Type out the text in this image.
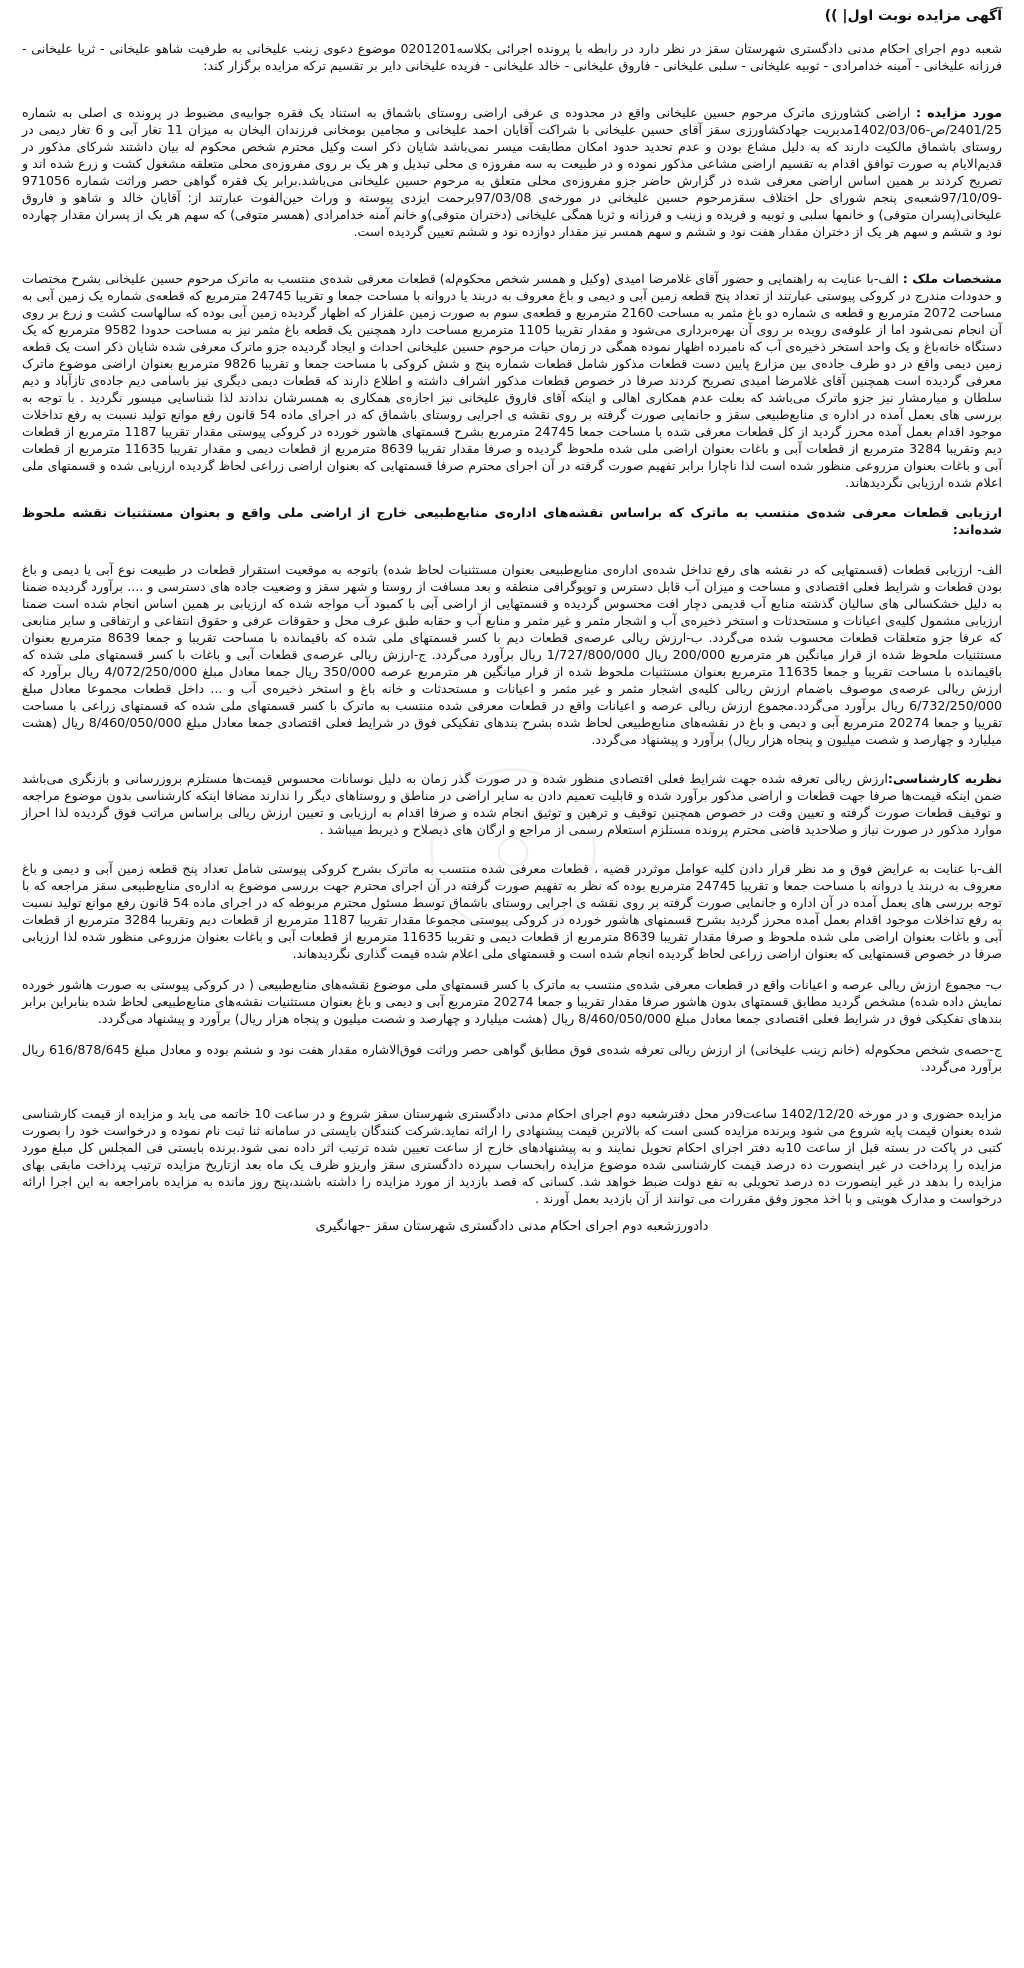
آگهی مزایده نوبت اول| ))

شعبه دوم اجرای احکام مدنی دادگستری شهرستان سقز در نظر دارد در رابطه با پرونده اجرائی بکلاسه0201201 موضوع دعوی زینب علیخانی به طرفیت شاهو علیخانی - ثریا علیخانی - فرزانه علیخانی - آمینه خدامرادی - ثوبیه علیخانی - سلبی علیخانی - فاروق علیخانی - خالد علیخانی - فریده علیخانی دایر بر تقسیم ترکه مزایده برگزار کند:

مورد مزایده : اراضی کشاورزی ماترک مرحوم حسین علیخانی واقع در محدوده ی عرفی اراضی روستای باشماق به استناد یک فقره جوابیه‌ی مضبوط در پرونده ی اصلی به شماره 2401/25/ص-1402/03/06مدیریت جهادکشاورزی سقز آقای حسین علیخانی با شراکت آقایان احمد علیخانی و مجامین بومخانی فرزندان الیخان به میزان 11 تغار آبی و 6 تغار دیمی در روستای باشماق مالکیت دارند که به دلیل مشاع بودن و عدم تحدید حدود امکان مطابقت میسر نمی‌باشد شایان ذکر است وکیل محترم شخص محکوم له بیان داشتند شرکای مذکور در قدیم‌الایام به صورت توافق اقدام به تقسیم اراضی مشاعی مذکور نموده و در طبیعت به سه مفروزه ی محلی تبدیل و هر یک بر روی مفروزه‌ی محلی متعلقه مشغول کشت و زرع شده اند و تصریح کردند بر همین اساس اراضی معرفی شده در گزارش حاضر جزو مفروزه‌ی محلی متعلق به مرحوم حسین علیخانی می‌باشد.برابر یک فقره گواهی حصر وراثت شماره 971056 -97/10/09شعبه‌ی پنجم شورای حل اختلاف سقزمرحوم حسین علیخانی در مورخه‌ی 97/03/08برحمت ایزدی پیوسته و وراث حین‌الفوت عبارتند از: آقایان خالد و شاهو و فاروق علیخانی(پسران متوفی) و خانمها سلبی و ثوبیه و فریده و زینب و فرزانه و ثریا همگی علیخانی (دختران متوفی)و خانم آمنه خدامرادی (همسر متوفی) که سهم هر یک از پسران مقدار چهارده نود و ششم و سهم هر یک از دختران مقدار هفت نود و ششم و سهم همسر نیز مقدار دوازده نود و ششم تعیین گردیده است.

مشخصات ملک : الف-با عنایت به راهنمایی و حضور آقای غلامرضا امیدی (وکیل و همسر شخص محکوم‌له) قطعات معرفی شده‌ی منتسب به ماترک مرحوم حسین علیخانی بشرح مختصات و حدودات مندرج در کروکی پیوستی عبارتند از تعداد پنج قطعه زمین آبی و دیمی و باغ معروف به دربند یا دروانه با مساحت جمعا و تقریبا 24745 مترمربع که قطعه‌ی شماره یک زمین آبی به مساحت 2072 مترمربع و قطعه ی شماره دو باغ مثمر به مساحت 2160 مترمربع و قطعه‌ی سوم به صورت زمین علفزار که اظهار گردیده زمین آبی بوده که سالهاست کشت و زرع بر روی آن انجام نمی‌شود اما از علوفه‌ی رویده بر روی آن بهره‌برداری می‌شود و مقدار تقریبا 1105 مترمربع مساحت دارد همچنین یک قطعه باغ مثمر نیز به مساحت حدودا 9582 مترمربع که یک دستگاه خانه‌باغ و یک واحد استخر ذخیره‌ی آب که نامبرده اظهار نموده همگی در زمان حیات مرحوم حسین علیخانی احداث و ایجاد گردیده جزو ماترک معرفی شده شایان ذکر است یک قطعه زمین دیمی واقع در دو طرف جاده‌ی بین مزارع پایین دست قطعات مذکور شامل قطعات شماره پنج و شش کروکی با مساحت جمعا و تقریبا 9826 مترمربع بعنوان اراضی موضوع ماترک معرفی گردیده است همچنین آقای غلامرضا امیدی تصریح کردند صرفا در خصوص قطعات مذکور اشراف داشته و اطلاع دارند که قطعات دیمی دیگری نیز باسامی دیم جاده‌ی تازآباد و دیم سلطان و میارمشار نیز جزو ماترک می‌باشد که بعلت عدم همکاری اهالی و اینکه آقای فاروق علیخانی نیز اجازه‌ی همکاری به همسرشان ندادند لذا شناسایی میسور نگردید . با توجه به بررسی های بعمل آمده در اداره ی منابع‌طبیعی سقز و جانمایی صورت گرفته بر روی نقشه ی اجرایی روستای باشماق که در اجرای ماده 54 قانون رفع موانع تولید نسبت به رفع تداخلات موجود اقدام بعمل آمده محرز گردید از کل قطعات معرفی شده با مساحت جمعا 24745 مترمربع بشرح قسمتهای هاشور خورده در کروکی پیوستی مقدار تقریبا 1187 مترمربع از قطعات دیم وتقریبا 3284 مترمربع از قطعات آبی و باغات بعنوان اراضی ملی شده ملحوظ گردیده و صرفا مقدار تقریبا 8639 مترمربع از قطعات دیمی و مقدار تقریبا 11635 مترمربع از قطعات آبی و باغات بعنوان مزروعی منظور شده است لذا ناچارا برابر تفهیم صورت گرفته در آن اجرای محترم صرفا قسمتهایی که بعنوان اراضی زراعی لحاظ گردیده ارزیابی شده و قسمتهای ملی اعلام شده ارزیابی نگردیدهاند.

ارزیابی قطعات معرفی شده‌ی منتسب به ماترک که براساس نقشه‌های اداره‌ی منابع‌طبیعی خارج از اراضی ملی واقع و بعنوان مستثنیات نقشه ملحوظ شده‌اند:

الف- ارزیابی قطعات (قسمتهایی که در نقشه های رفع تداخل شده‌ی اداره‌ی منابع‌طبیعی بعنوان مستثنیات لحاظ شده) باتوجه به موقعیت استقرار قطعات در طبیعت نوع آبی یا دیمی و باغ بودن قطعات و شرایط فعلی اقتصادی و مساحت و میزان آب قابل دسترس و توپوگرافی منطقه و بعد مسافت از روستا و شهر سقز و وضعیت جاده های دسترسی و .... برآورد گردیده ضمنا به دلیل خشکسالی های سالیان گذشته منابع آب قدیمی دچار افت محسوس گردیده و قسمتهایی از اراضی آبی با کمبود آب مواجه شده که ارزیابی بر همین اساس انجام شده است ضمنا ارزیابی مشمول کلیه‌ی اعیانات و مستحدثات و استخر ذخیره‌ی آب و اشجار مثمر و غیر مثمر و منابع آب و حقابه طبق عرف محل و حقوقات عرفی و حقوق انتفاعی و ارتفاقی و سایر منابعی که عرفا جزو متعلقات قطعات محسوب شده می‌گردد. ب-ارزش ریالی عرصه‌ی قطعات دیم با کسر قسمتهای ملی شده که باقیمانده با مساحت تقریبا و جمعا 8639 مترمربع بعنوان مستثنیات ملحوظ شده از قرار میانگین هر مترمربع 200/000 ریال 1/727/800/000 ریال برآورد می‌گردد. ج-ارزش ریالی عرصه‌ی قطعات آبی و باغات با کسر قسمتهای ملی شده که باقیمانده با مساحت تقریبا و جمعا 11635 مترمربع بعنوان مستثنیات ملحوظ شده از قرار میانگین هر مترمربع عرصه 350/000 ریال جمعا معادل مبلغ 4/072/250/000 ریال برآورد که ارزش ریالی عرصه‌ی موصوف باضمام ارزش ریالی کلیه‌ی اشجار مثمر و غیر مثمر و اعیانات و مستحدثات و خانه باغ و استخر ذخیره‌ی آب و ... داخل قطعات مجموعا معادل مبلغ 6/732/250/000 ریال برآورد می‌گردد.مجموع ارزش ریالی عرصه و اعیانات واقع در قطعات معرفی شده منتسب به ماترک با کسر قسمتهای ملی شده که قسمتهای زراعی با مساحت تقریبا و جمعا 20274 مترمربع آبی و دیمی و باغ در نقشه‌های منابع‌طبیعی لحاظ شده بشرح بندهای تفکیکی فوق در شرایط فعلی اقتصادی جمعا معادل مبلغ 8/460/050/000 ریال (هشت میلیارد و چهارصد و شصت میلیون و پنجاه هزار ریال) برآورد و پیشنهاد می‌گردد.

نظریه کارشناسی:ارزش ریالی تعرفه شده جهت شرایط فعلی اقتصادی منظور شده و در صورت گذر زمان به دلیل نوسانات محسوس قیمت‌ها مستلزم بروزرسانی و بازنگری می‌باشد ضمن اینکه قیمت‌ها صرفا جهت قطعات و اراضی مذکور برآورد شده و قابلیت تعمیم دادن به سایر اراضی در مناطق و روستاهای دیگر را ندارند مضافا اینکه کارشناسی بدون موضوع مراجعه و توقیف قطعات صورت گرفته و تعیین وقت در خصوص همچنین توقیف و ترهین و توثیق انجام شده و صرفا اقدام به ارزیابی و تعیین ارزش ریالی براساس مراتب فوق گردیده لذا احراز موارد مذکور در صورت نیاز و صلاحدید قاضی محترم پرونده مستلزم استعلام رسمی از مراجع و ارگان های ذیصلاح و ذیربط میباشد .

الف-با عنایت به عرایض فوق و مد نظر قرار دادن کلیه عوامل موثردر قضیه ، قطعات معرفی شده منتسب به ماترک بشرح کروکی پیوستی شامل تعداد پنج قطعه زمین آبی و دیمی و باغ معروف به دربند یا دروانه با مساحت جمعا و تقریبا 24745 مترمربع بوده که نظر به تفهیم صورت گرفته در آن اجرای محترم جهت بررسی موضوع به اداره‌ی منابع‌طبیعی سقز مراجعه که با توجه بررسی های بعمل آمده در آن اداره و جانمایی صورت گرفته بر روی نقشه ی اجرایی روستای باشماق توسط مسئول محترم مربوطه که در اجرای ماده 54 قانون رفع موانع تولید نسبت به رفع تداخلات موجود اقدام بعمل آمده محرز گردید بشرح قسمتهای هاشور خورده در کروکی پیوستی مجموعا مقدار تقریبا 1187 مترمربع از قطعات دیم وتقریبا 3284 مترمربع از قطعات آبی و باغات بعنوان اراضی ملی شده ملحوظ و صرفا مقدار تقریبا 8639 مترمربع از قطعات دیمی و تقریبا 11635 مترمربع از قطعات آبی و باغات بعنوان مزروعی منظور شده لذا ارزیابی صرفا در خصوص قسمتهایی که بعنوان اراضی زراعی لحاظ گردیده انجام شده است و قسمتهای ملی اعلام شده قیمت گذاری نگردیدهاند.

ب- مجموع ارزش ریالی عرصه و اعیانات واقع در قطعات معرفی شده‌ی منتسب به ماترک با کسر قسمتهای ملی موضوع نقشه‌های منابع‌طبیعی ( در کروکی پیوستی به صورت هاشور خورده نمایش داده شده) مشخص گردید مطابق قسمتهای بدون هاشور صرفا مقدار تقریبا و جمعا 20274 مترمربع آبی و دیمی و باغ بعنوان مستثنیات نقشه‌های منابع‌طبیعی لحاظ شده بنابراین برابر بندهای تفکیکی فوق در شرایط فعلی اقتصادی جمعا معادل مبلغ 8/460/050/000 ریال (هشت میلیارد و چهارصد و شصت میلیون و پنجاه هزار ریال) برآورد و پیشنهاد می‌گردد.

ج-حصه‌ی شخص محکوم‌له (خانم زینب علیخانی) از ارزش ریالی تعرفه شده‌ی فوق مطابق گواهی حصر وراثت فوق‌الاشاره مقدار هفت نود و ششم بوده و معادل مبلغ 616/878/645 ریال برآورد می‌گردد.

مزایده حضوری و در مورخه 1402/12/20 ساعت9در محل دفترشعبه دوم اجرای احکام مدنی دادگستری شهرستان سقز شروع و در ساعت 10 خاتمه می یابد و مزایده از قیمت کارشناسی شده بعنوان قیمت پایه شروع می شود وبرنده مزایده کسی است که بالاترین قیمت پیشنهادی را ارائه نماید.شرکت کنندگان بایستی در سامانه ثنا ثبت نام نموده و درخواست خود را بصورت کتبی در پاکت در بسته قبل از ساعت 10به دفتر اجرای احکام تحویل نمایند و به پیشنهادهای خارج از ساعت تعیین شده ترتیب اثر داده نمی شود.برنده بایستی فی المجلس کل مبلغ مورد مزایده را پرداخت در غیر اینصورت ده درصد قیمت کارشناسی شده موضوع مزایده رابحساب سپرده دادگستری سقز واریزو ظرف یک ماه بعد ازتاریخ مزایده ترتیب پرداخت مابقی بهای مزایده را بدهد در غیر اینصورت ده درصد تحویلی به نفع دولت ضبط خواهد شد. کسانی که قصد بازدید از مورد مزایده را داشته باشند،پنج روز مانده به مزایده بامراجعه به این اجرا ارائه درخواست و مدارک هویتی و با اخذ مجوز وفق مقررات می توانند از آن بازدید بعمل آورند .

دادورزشعبه دوم اجرای احکام مدنی دادگستری شهرستان سقز -جهانگیری
◯
